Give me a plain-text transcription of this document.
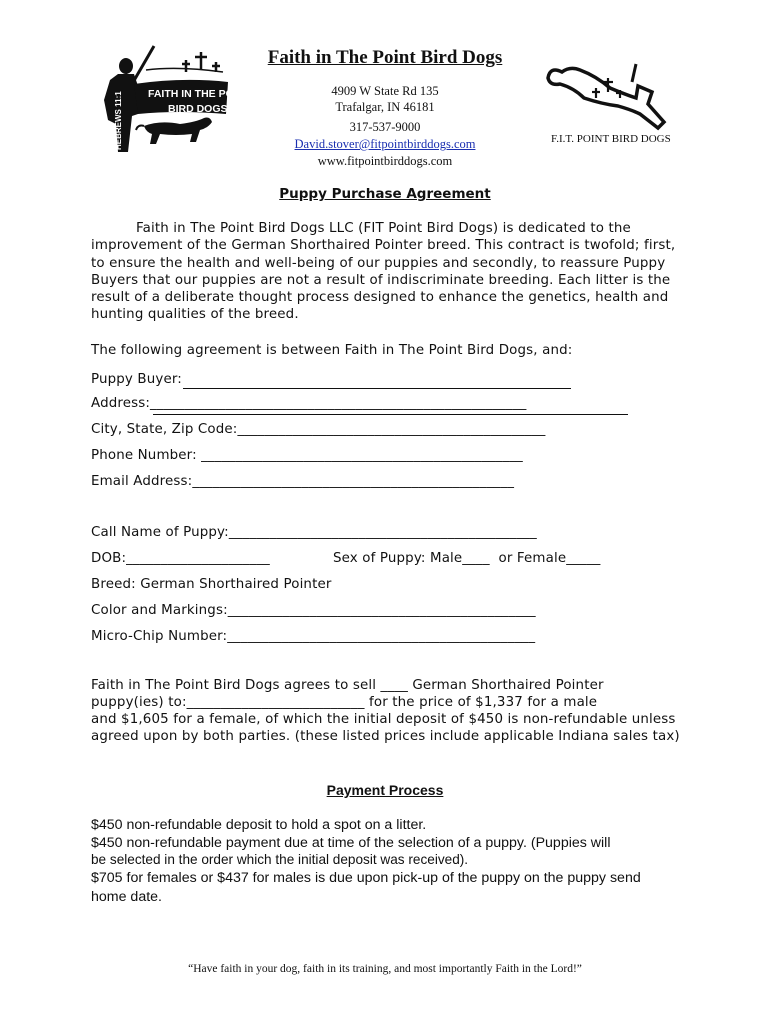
FAITH IN THE POINT
BIRD DOGS
HEBREWS 11:1	F.I.T. POINT BIRD DOGS
Faith in The Point Bird Dogs
4909 W State Rd 135
Trafalgar, IN 46181
317-537-9000
David.stover@fitpointbirddogs.com
www.fitpointbirddogs.com
Puppy Purchase Agreement
Faith in The Point Bird Dogs LLC (FIT Point Bird Dogs) is dedicated to the improvement of the German Shorthaired Pointer breed. This contract is twofold; first, to ensure the health and well-being of our puppies and secondly, to reassure Puppy Buyers that our puppies are not a result of indiscriminate breeding. Each litter is the result of a deliberate thought process designed to enhance the genetics, health and hunting qualities of the breed.
The following agreement is between Faith in The Point Bird Dogs, and:
Puppy Buyer:
Address:_______________________________________________________
City, State, Zip Code:_____________________________________________
Phone Number: _______________________________________________
Email Address:_______________________________________________
Call Name of Puppy:_____________________________________________
DOB:_____________________	Sex of Puppy: Male____  or Female_____
Breed: German Shorthaired Pointer
Color and Markings:_____________________________________________
Micro-Chip Number:_____________________________________________
Faith in The Point Bird Dogs agrees to sell ____ German Shorthaired Pointer
puppy(ies) to:__________________________ for the price of $1,337 for a male
and $1,605 for a female, of which the initial deposit of $450 is non-refundable unless
agreed upon by both parties. (these listed prices include applicable Indiana sales tax)
Payment Process
$450 non-refundable deposit to hold a spot on a litter.
$450 non-refundable payment due at time of the selection of a puppy. (Puppies will
be selected in the order which the initial deposit was received).
$705 for females or $437 for males is due upon pick-up of the puppy on the puppy send
home date.
“Have faith in your dog, faith in its training, and most importantly Faith in the Lord!”
